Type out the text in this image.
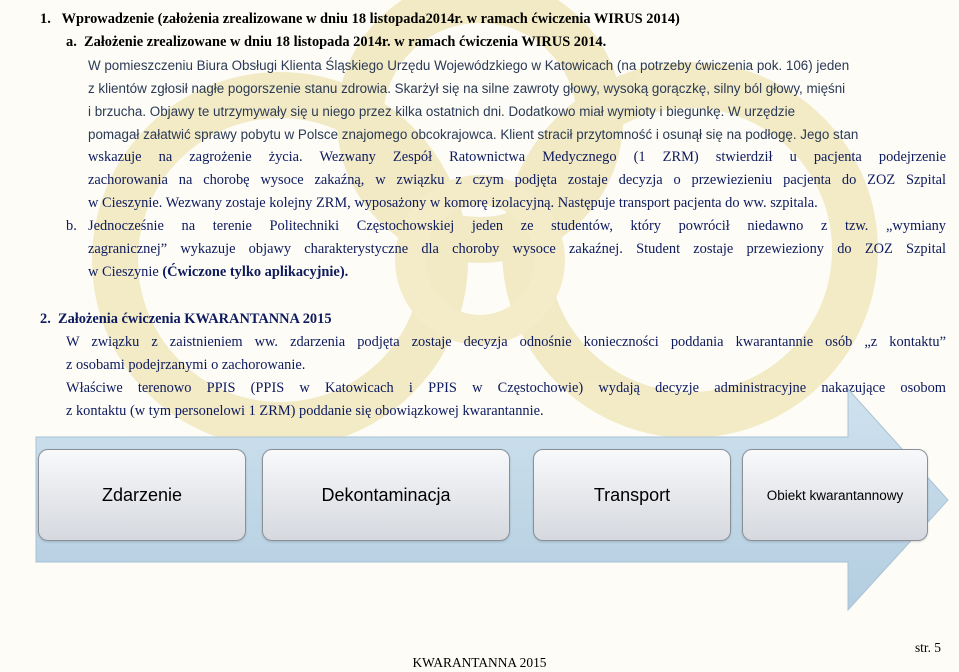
1.   Wprowadzenie (założenia zrealizowane w dniu 18 listopada2014r. w ramach ćwiczenia WIRUS 2014)
a.  Założenie zrealizowane w dniu 18 listopada 2014r. w ramach ćwiczenia WIRUS 2014.
W pomieszczeniu Biura Obsługi Klienta Śląskiego Urzędu Wojewódzkiego w Katowicach (na potrzeby ćwiczenia pok. 106) jeden
z klientów zgłosił nagłe pogorszenie stanu zdrowia. Skarżył się na silne zawroty głowy, wysoką gorączkę, silny ból głowy, mięśni
i brzucha. Objawy te utrzymywały się u niego przez kilka ostatnich dni. Dodatkowo miał wymioty i biegunkę. W urzędzie
pomagał załatwić sprawy pobytu w Polsce znajomego obcokrajowca. Klient stracił przytomność i osunął się na podłogę. Jego stan
wskazuje na zagrożenie życia. Wezwany Zespół Ratownictwa Medycznego (1 ZRM) stwierdził u pacjenta podejrzenie
zachorowania na chorobę wysoce zakaźną, w związku z czym podjęta zostaje decyzja o przewiezieniu pacjenta do ZOZ Szpital
w Cieszynie. Wezwany zostaje kolejny ZRM, wyposażony w komorę izolacyjną. Następuje transport pacjenta do ww. szpitala.
b. Jednocześnie na terenie Politechniki Częstochowskiej jeden ze studentów, który powrócił niedawno z tzw. „wymiany
zagranicznej” wykazuje objawy charakterystyczne dla choroby wysoce zakaźnej. Student zostaje przewieziony do ZOZ Szpital
w Cieszynie (Ćwiczone tylko aplikacyjnie).
2.  Założenia ćwiczenia KWARANTANNA 2015
W związku z zaistnieniem ww. zdarzenia podjęta zostaje decyzja odnośnie konieczności poddania kwarantannie osób „z kontaktu”
z osobami podejrzanymi o zachorowanie.
Właściwe terenowo PPIS (PPIS w Katowicach i PPIS w Częstochowie) wydają decyzje administracyjne nakazujące osobom
z kontaktu (w tym personelowi 1 ZRM) poddanie się obowiązkowej kwarantannie.
Zdarzenie	Dekontaminacja	Transport	Obiekt kwarantannowy
str. 5
KWARANTANNA 2015
